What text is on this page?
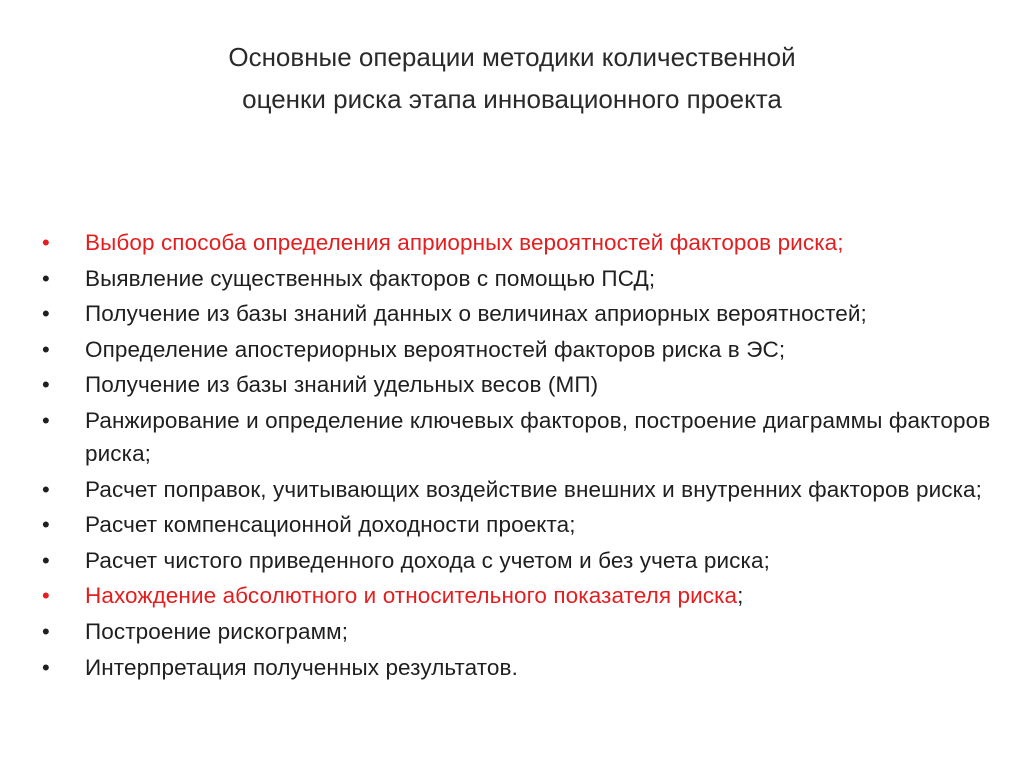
Основные операции методики количественной
оценки риска этапа инновационного проекта
•	Выбор способа определения априорных вероятностей факторов риска;
•	Выявление существенных факторов с помощью ПСД;
•	Получение из базы знаний данных о величинах априорных вероятностей;
•	Определение апостериорных вероятностей факторов риска в ЭС;
•	Получение из базы знаний удельных весов (МП)
•	Ранжирование и определение ключевых факторов, построение диаграммы факторов риска;
•	Расчет поправок, учитывающих воздействие внешних и внутренних факторов риска;
•	Расчет компенсационной доходности проекта;
•	Расчет чистого приведенного дохода с учетом и без учета риска;
•	Нахождение абсолютного и относительного показателя риска;
•	Построение рискограмм;
•	Интерпретация полученных результатов.
